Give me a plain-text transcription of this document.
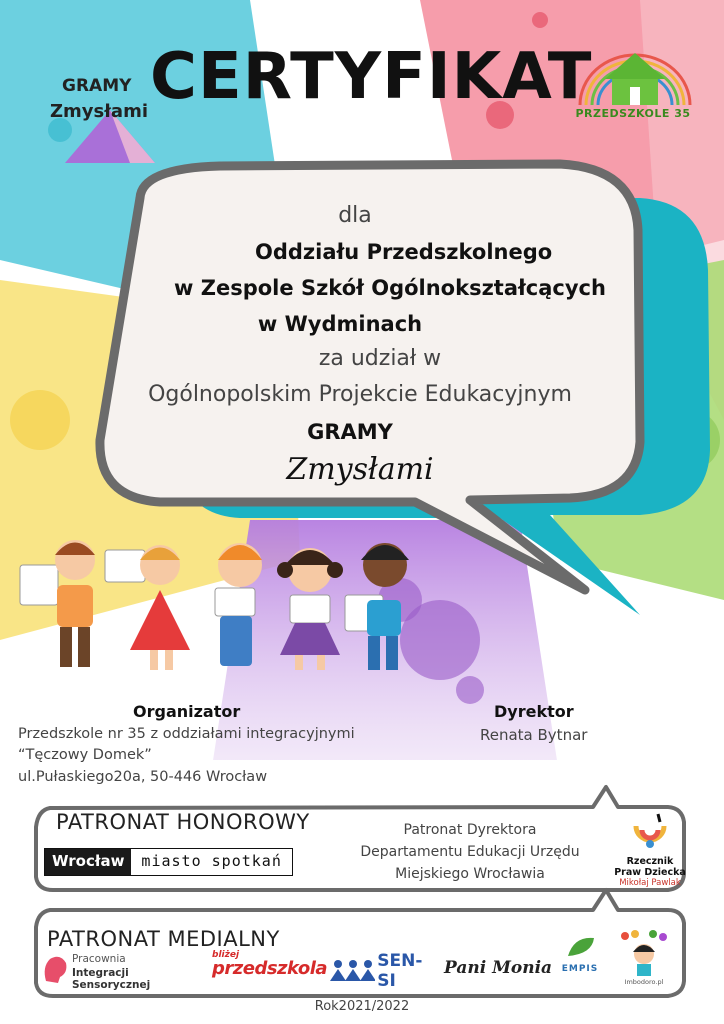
CERTYFIKAT
GRAMY
Zmysłami	PRZEDSZKOLE 35
dla
Oddziału Przedszkolnego
w Zespole Szkół Ogólnokształcących
w Wydminach
za udział w
Ogólnopolskim Projekcie Edukacyjnym
GRAMY
Zmysłami
Organizator
Przedszkole nr 35 z oddziałami integracyjnymi
“Tęczowy Domek”
ul.Pułaskiego20a, 50-446 Wrocław
Dyrektor
Renata Bytnar
PATRONAT HONOROWY
Wrocław	miasto spotkań
Patronat Dyrektora
Departamentu Edukacji Urzędu
Miejskiego Wrocławia
Rzecznik
Praw Dziecka
Mikołaj Pawlak
PATRONAT MEDIALNY
Pracownia
Integracji Sensorycznej
bliżej
przedszkola	SEN-SI
Pani Monia	EMPIS
Imbodoro.pl
Rok2021/2022
